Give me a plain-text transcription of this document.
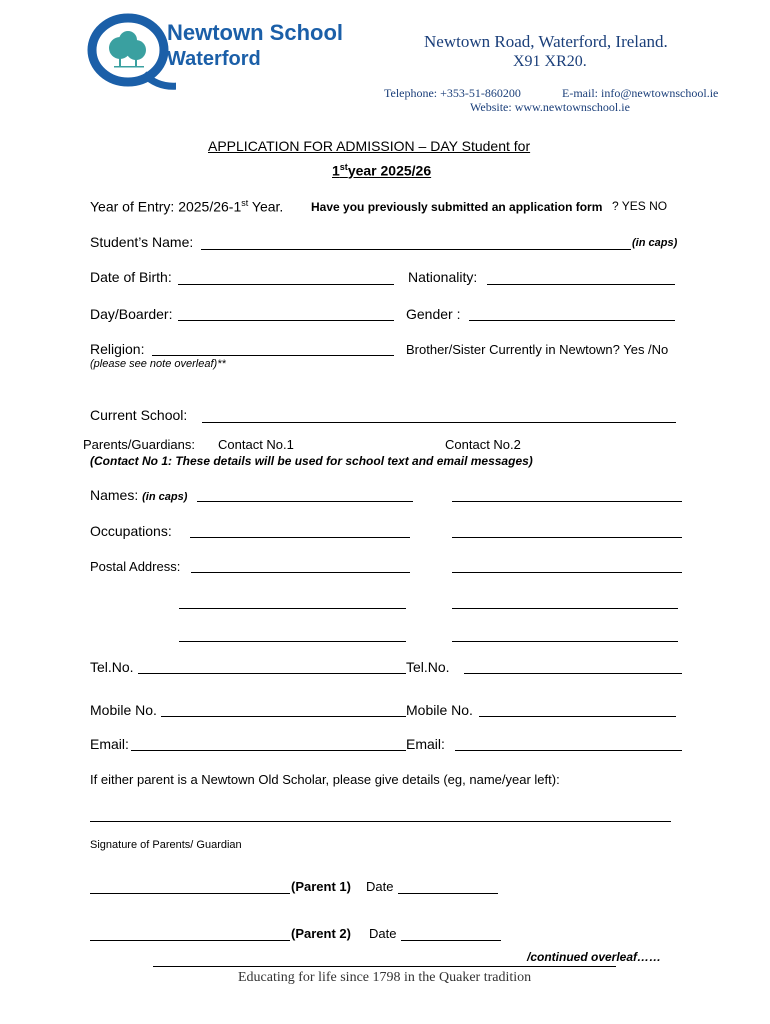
Newtown School
Waterford
Newtown Road, Waterford, Ireland.
X91 XR20.
Telephone: +353-51-860200	E-mail: info@newtownschool.ie
Website: www.newtownschool.ie
APPLICATION FOR ADMISSION – DAY Student for
1styear 2025/26
Year of Entry: 2025/26-1st Year. Have you previously submitted an application form ? YES NO
Student’s Name:	(in caps)
Date of Birth:	Nationality:
Day/Boarder:	Gender :
Religion:	Brother/Sister Currently in Newtown? Yes /No
(please see note overleaf)**
Current School:
Parents/Guardians: Contact No.1	Contact No.2
(Contact No 1: These details will be used for school text and email messages)
Names: (in caps)
Occupations:
Postal Address:
Tel.No.	Tel.No.
Mobile No.	Mobile No.
Email:	Email:
If either parent is a Newtown Old Scholar, please give details (eg, name/year left):
Signature of Parents/ Guardian
(Parent 1) Date
(Parent 2) Date
/continued overleaf……
Educating for life since 1798 in the Quaker tradition
